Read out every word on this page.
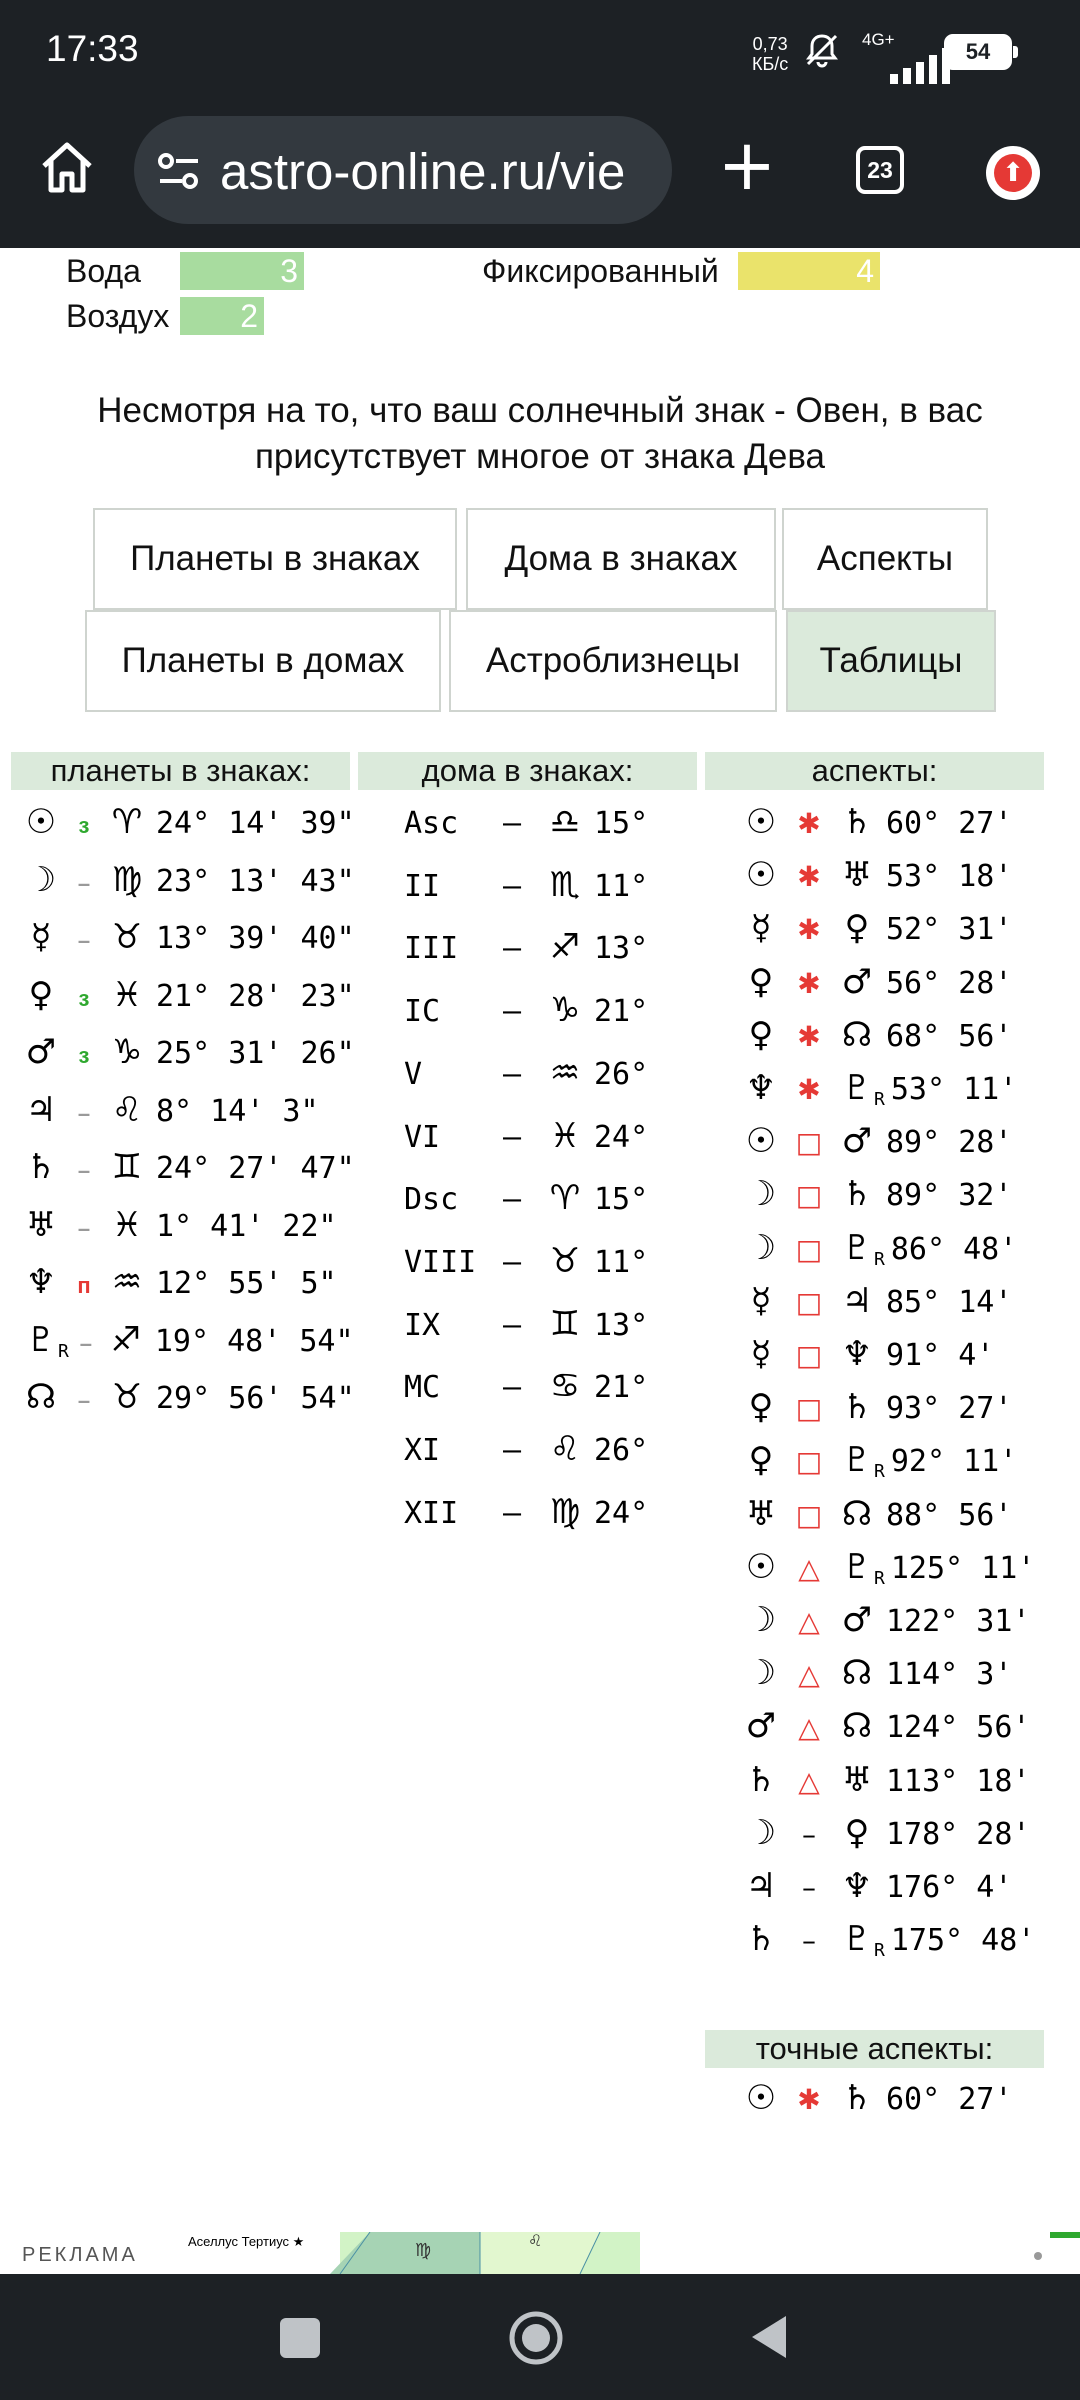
17:33	0,73
КБ/с
4G+	54
astro-online.ru/vie +	23	⬆
Вода	3
Воздух	2
Фиксированный	4
Несмотря на то, что ваш солнечный знак - Овен, в вас присутствует многое от знака Дева
Планеты в знаках	Дома в знаках	Аспекты
Планеты в домах	Астроблизнецы	Таблицы
планеты в знаках:	дома в знаках:	аспекты:
точные аспекты:
☉ з ♈ 24° 14' 39"
☽ – ♍ 23° 13' 43"
☿ – ♉ 13° 39' 40"
♀ з ♓ 21° 28' 23"
♂ з ♑ 25° 31' 26"
♃ – ♌ 8° 14' 3"
♄ – ♊ 24° 27' 47"
♅ – ♓ 1° 41' 22"
♆ п ♒ 12° 55' 5"
$♇_R$ – ♐ 19° 48' 54"
☊ – ♉ 29° 56' 54"
Asc – ♎ 15°
II – ♏ 11°
III – ♐ 13°
IC – ♑ 21°
V	– ♒ 26°
VI – ♓ 24°
Dsc – ♈ 15°
VIII – ♉ 11°
IX – ♊ 13°
MC – ♋ 21°
XI – ♌ 26°
XII – ♍ 24°
☉ ✱ ♄ 60° 27'
☉ ✱ ♅ 53° 18'
☿ ✱ ♀ 52° 31'
♀ ✱ ♂ 56° 28'
♀ ✱ ☊ 68° 56'
♆ ✱ $♇_R$ 53° 11'
☉ □ ♂ 89° 28'
☽ □ ♄ 89° 32'
☽ □ $♇_R$ 86° 48'
☿ □ ♃ 85° 14'
☿ □ ♆ 91° 4'
♀ □ ♄ 93° 27'
♀ □ $♇_R$ 92° 11'
♅ □ ☊ 88° 56'
☉ △ $♇_R$ 125° 11'
☽ △ ♂ 122° 31'
☽ △ ☊ 114° 3'
♂ △ ☊ 124° 56'
♄ △ ♅ 113° 18'
☽ – ♀ 178° 28'
♃ – ♆ 176° 4'
♄ – $♇_R$ 175° 48'
☉ ✱ ♄ 60° 27'
РЕКЛАМА
Аселлус Тертиус ★	♍	♌
